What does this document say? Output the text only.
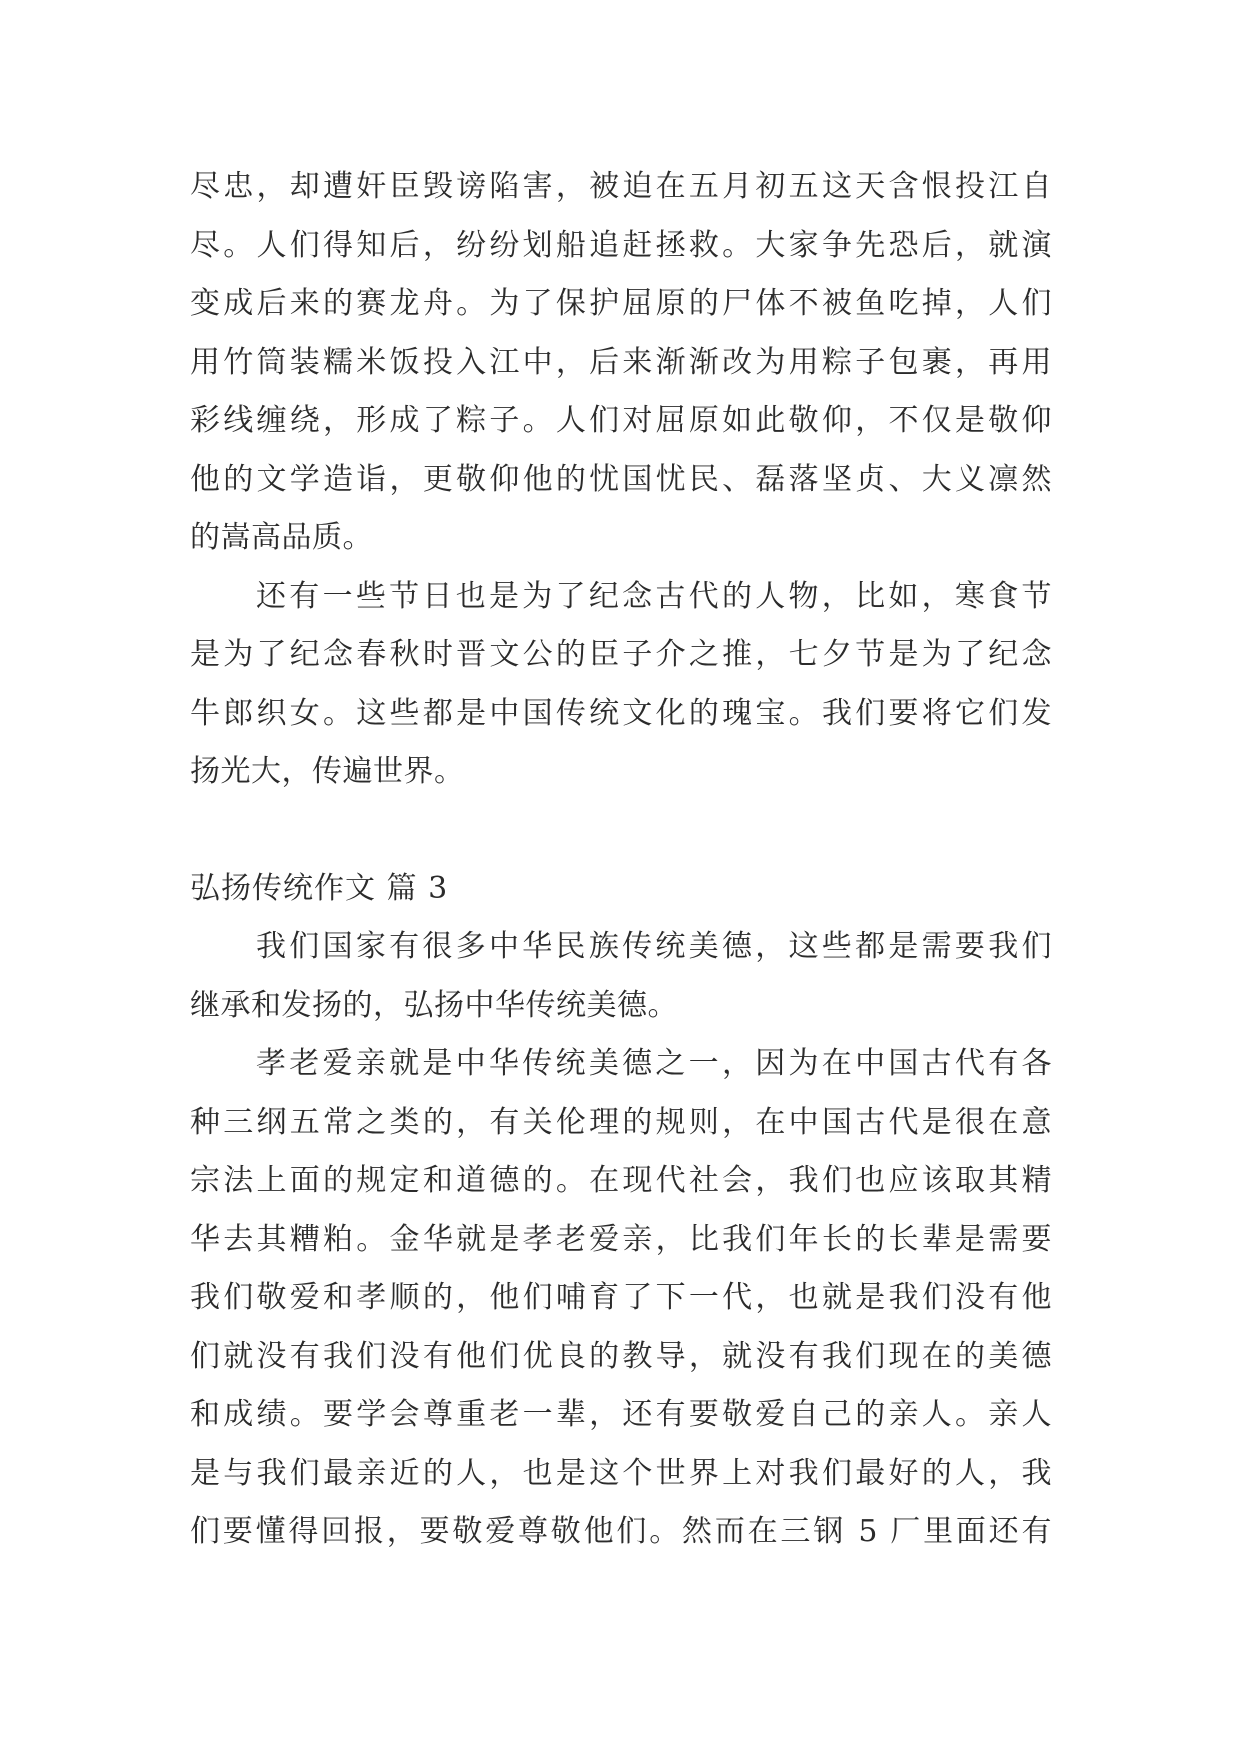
尽忠，却遭奸臣毁谤陷害，被迫在五月初五这天含恨投江自
尽。人们得知后，纷纷划船追赶拯救。大家争先恐后，就演
变成后来的赛龙舟。为了保护屈原的尸体不被鱼吃掉，人们
用竹筒装糯米饭投入江中，后来渐渐改为用粽子包裹，再用
彩线缠绕，形成了粽子。人们对屈原如此敬仰，不仅是敬仰
他的文学造诣，更敬仰他的忧国忧民、磊落坚贞、大义凛然
的嵩高品质。
还有一些节日也是为了纪念古代的人物，比如，寒食节
是为了纪念春秋时晋文公的臣子介之推，七夕节是为了纪念
牛郎织女。这些都是中国传统文化的瑰宝。我们要将它们发
扬光大，传遍世界。
弘扬传统作文 篇 3
我们国家有很多中华民族传统美德，这些都是需要我们
继承和发扬的，弘扬中华传统美德。
孝老爱亲就是中华传统美德之一，因为在中国古代有各
种三纲五常之类的，有关伦理的规则，在中国古代是很在意
宗法上面的规定和道德的。在现代社会，我们也应该取其精
华去其糟粕。金华就是孝老爱亲，比我们年长的长辈是需要
我们敬爱和孝顺的，他们哺育了下一代，也就是我们没有他
们就没有我们没有他们优良的教导，就没有我们现在的美德
和成绩。要学会尊重老一辈，还有要敬爱自己的亲人。亲人
是与我们最亲近的人，也是这个世界上对我们最好的人，我
们要懂得回报，要敬爱尊敬他们。然而在三钢 5 厂里面还有
